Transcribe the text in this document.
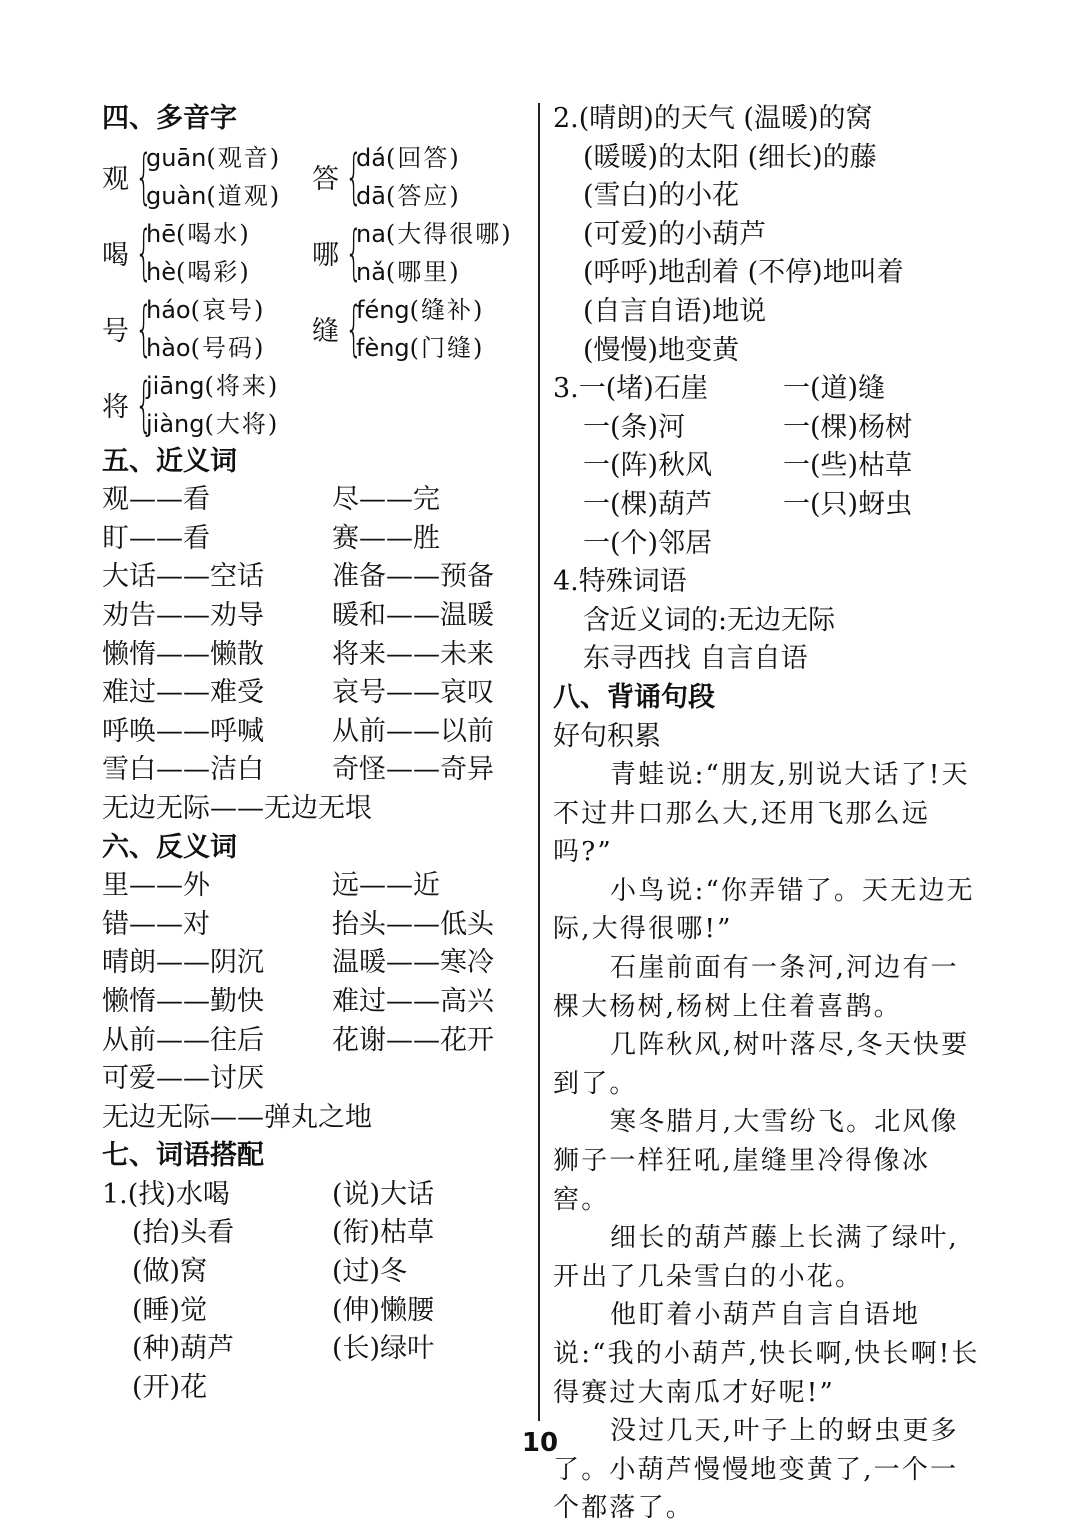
四、多音字
观 {
guān(观音)
guàn(道观)
答 {
dá(回答)
dā(答应)
喝 {
hē(喝水)
hè(喝彩)
哪 {
na(大得很哪)
nǎ(哪里)
号 {
háo(哀号)
hào(号码)
缝 {
féng(缝补)
fèng(门缝)
将 {
jiāng(将来)
jiàng(大将)
五、近义词
观——看	尽——完
盯——看	赛——胜
大话——空话	准备——预备
劝告——劝导	暖和——温暖
懒惰——懒散	将来——未来
难过——难受	哀号——哀叹
呼唤——呼喊	从前——以前
雪白——洁白	奇怪——奇异
无边无际——无边无垠
六、反义词
里——外	远——近
错——对	抬头——低头
晴朗——阴沉	温暖——寒冷
懒惰——勤快	难过——高兴
从前——往后	花谢——花开
可爱——讨厌
无边无际——弹丸之地
七、词语搭配
1.(找)水喝	(说)大话
(抬)头看	(衔)枯草
(做)窝	(过)冬
(睡)觉	(伸)懒腰
(种)葫芦	(长)绿叶
(开)花
2.(晴朗)的天气 (温暖)的窝
(暖暖)的太阳 (细长)的藤
(雪白)的小花
(可爱)的小葫芦
(呼呼)地刮着 (不停)地叫着
(自言自语)地说
(慢慢)地变黄
3.一(堵)石崖	一(道)缝
一(条)河	一(棵)杨树
一(阵)秋风	一(些)枯草
一(棵)葫芦	一(只)蚜虫
一(个)邻居
4.特殊词语
含近义词的:无边无际
东寻西找 自言自语
八、背诵句段
好句积累
青蛙说:“朋友,别说大话了!天不过井口那么大,还用飞那么远吗?”
小鸟说:“你弄错了。天无边无际,大得很哪!”
石崖前面有一条河,河边有一棵大杨树,杨树上住着喜鹊。
几阵秋风,树叶落尽,冬天快要到了。
寒冬腊月,大雪纷飞。北风像狮子一样狂吼,崖缝里冷得像冰窖。
细长的葫芦藤上长满了绿叶,开出了几朵雪白的小花。
他盯着小葫芦自言自语地说:“我的小葫芦,快长啊,快长啊!长得赛过大南瓜才好呢!”
没过几天,叶子上的蚜虫更多了。小葫芦慢慢地变黄了,一个一个都落了。
10
